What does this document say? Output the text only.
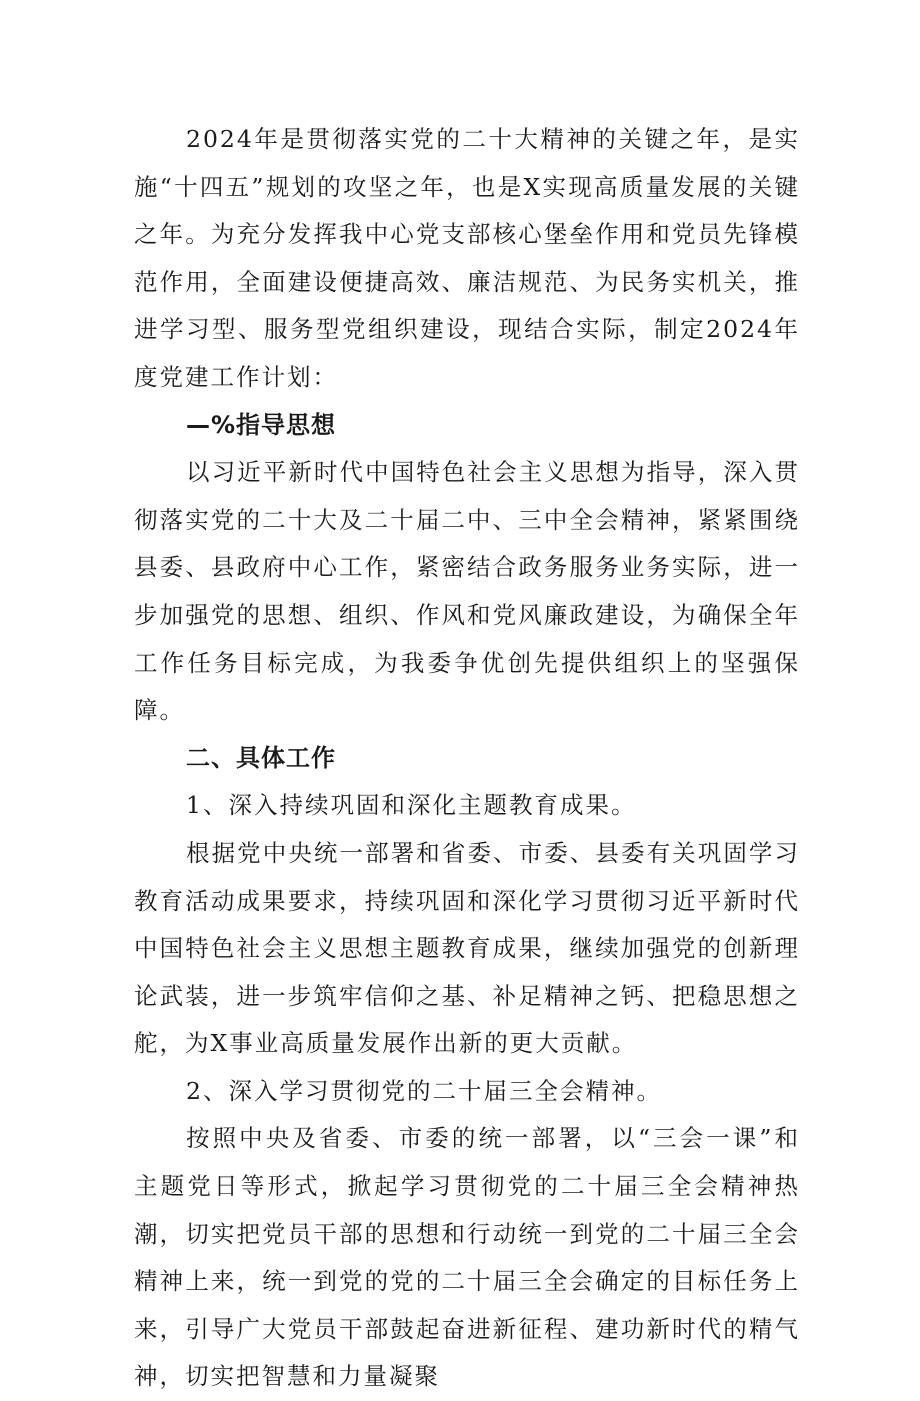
2024年是贯彻落实党的二十大精神的关键之年，是实施“十四五”规划的攻坚之年，也是X实现高质量发展的关键之年。为充分发挥我中心党支部核心堡垒作用和党员先锋模范作用，全面建设便捷高效、廉洁规范、为民务实机关，推进学习型、服务型党组织建设，现结合实际，制定2024年度党建工作计划：

—%指导思想

以习近平新时代中国特色社会主义思想为指导，深入贯彻落实党的二十大及二十届二中、三中全会精神，紧紧围绕县委、县政府中心工作，紧密结合政务服务业务实际，进一步加强党的思想、组织、作风和党风廉政建设，为确保全年工作任务目标完成，为我委争优创先提供组织上的坚强保障。

二、具体工作

1、深入持续巩固和深化主题教育成果。

根据党中央统一部署和省委、市委、县委有关巩固学习教育活动成果要求，持续巩固和深化学习贯彻习近平新时代中国特色社会主义思想主题教育成果，继续加强党的创新理论武装，进一步筑牢信仰之基、补足精神之钙、把稳思想之舵，为X事业高质量发展作出新的更大贡献。

2、深入学习贯彻党的二十届三全会精神。

按照中央及省委、市委的统一部署，以“三会一课”和主题党日等形式，掀起学习贯彻党的二十届三全会精神热潮，切实把党员干部的思想和行动统一到党的二十届三全会精神上来，统一到党的党的二十届三全会确定的目标任务上来，引导广大党员干部鼓起奋进新征程、建功新时代的精气神，切实把智慧和力量凝聚
